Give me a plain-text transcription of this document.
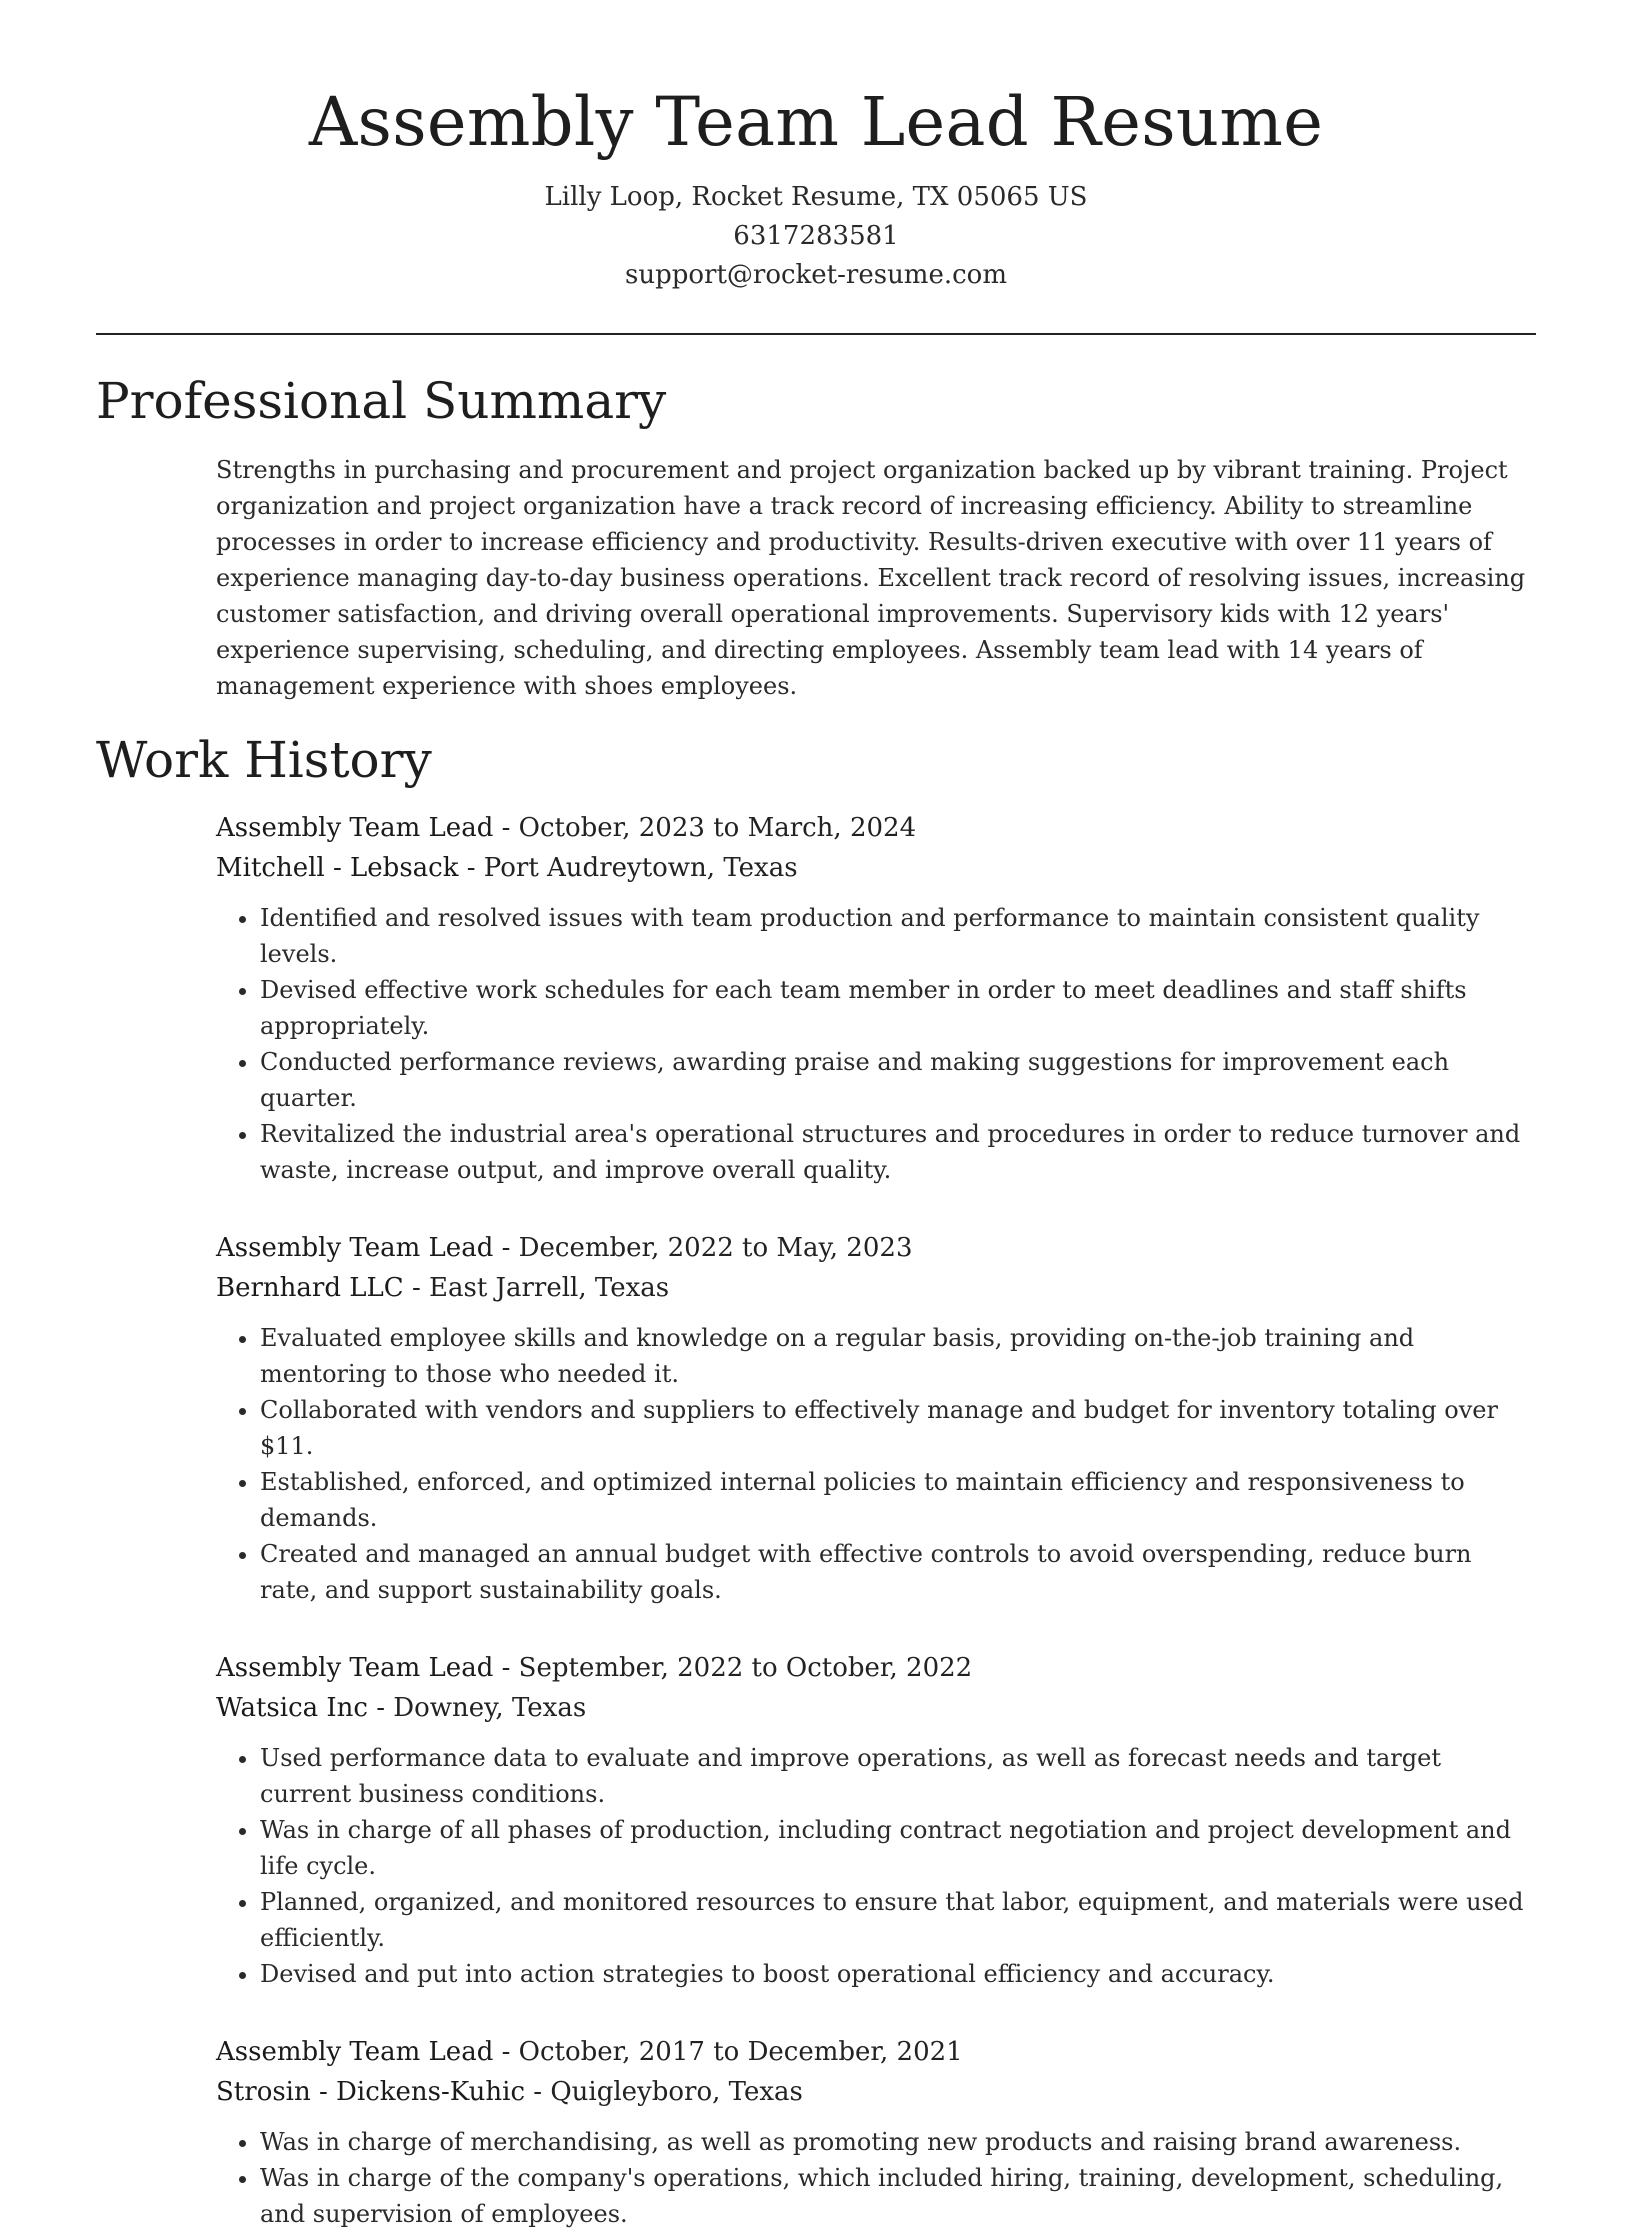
Assembly Team Lead Resume
Lilly Loop, Rocket Resume, TX 05065 US
6317283581
support@rocket-resume.com
Professional Summary

Strengths in purchasing and procurement and project organization backed up by vibrant training. Project organization and project organization have a track record of increasing efficiency. Ability to streamline processes in order to increase efficiency and productivity. Results-driven executive with over 11 years of experience managing day-to-day business operations. Excellent track record of resolving issues, increasing customer satisfaction, and driving overall operational improvements. Supervisory kids with 12 years' experience supervising, scheduling, and directing employees. Assembly team lead with 14 years of management experience with shoes employees.

Work History
Assembly Team Lead - October, 2023 to March, 2024
Mitchell - Lebsack - Port Audreytown, Texas
• Identified and resolved issues with team production and performance to maintain consistent quality levels.
• Devised effective work schedules for each team member in order to meet deadlines and staff shifts appropriately.
• Conducted performance reviews, awarding praise and making suggestions for improvement each quarter.
• Revitalized the industrial area's operational structures and procedures in order to reduce turnover and waste, increase output, and improve overall quality.
Assembly Team Lead - December, 2022 to May, 2023
Bernhard LLC - East Jarrell, Texas
• Evaluated employee skills and knowledge on a regular basis, providing on-the-job training and mentoring to those who needed it.
• Collaborated with vendors and suppliers to effectively manage and budget for inventory totaling over $11.
• Established, enforced, and optimized internal policies to maintain efficiency and responsiveness to demands.
• Created and managed an annual budget with effective controls to avoid overspending, reduce burn rate, and support sustainability goals.
Assembly Team Lead - September, 2022 to October, 2022
Watsica Inc - Downey, Texas
• Used performance data to evaluate and improve operations, as well as forecast needs and target current business conditions.
• Was in charge of all phases of production, including contract negotiation and project development and life cycle.
• Planned, organized, and monitored resources to ensure that labor, equipment, and materials were used efficiently.
• Devised and put into action strategies to boost operational efficiency and accuracy.
Assembly Team Lead - October, 2017 to December, 2021
Strosin - Dickens-Kuhic - Quigleyboro, Texas
• Was in charge of merchandising, as well as promoting new products and raising brand awareness.
• Was in charge of the company's operations, which included hiring, training, development, scheduling, and supervision of employees.
